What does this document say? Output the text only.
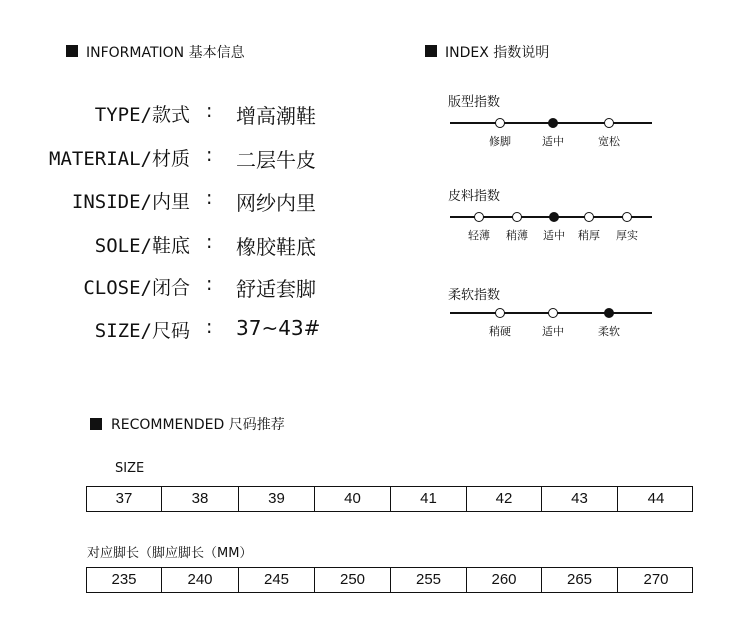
INFORMATION 基本信息
TYPE/款式 : 增高潮鞋
MATERIAL/材质 : 二层牛皮
INSIDE/内里 : 网纱内里
SOLE/鞋底 : 橡胶鞋底
CLOSE/闭合 : 舒适套脚
SIZE/尺码 : 37~43#
INDEX 指数说明
版型指数
修脚	适中	宽松
皮料指数
轻薄 稍薄 适中 稍厚 厚实
柔软指数
稍硬	适中	柔软
RECOMMENDED 尺码推荐
SIZE
37	38	39	40	41	42	43	44
对应脚长（脚应脚长（MM）
235	240	245	250	255	260	265	270
